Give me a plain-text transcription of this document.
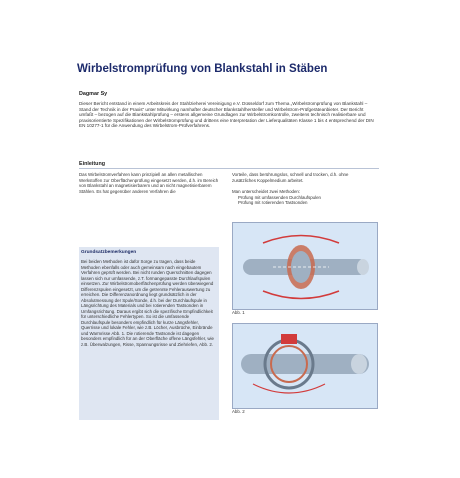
Wirbelstromprüfung von Blankstahl in Stäben
Dagmar Sy
Dieser Bericht entstand in einem Arbeitskreis der Stahlzieherei Vereinigung e.V. Düsseldorf zum Thema „Wirbelstromprüfung von Blankstahl – Stand der Technik in der Praxis" unter Mitwirkung namhafter deutscher Blankstahlhersteller und Wirbelstrom-Prüfgeräteanbieter. Der Bericht umfaßt – bezogen auf die Blankstahlprüfung – erstens allgemeine Grundlagen zur Wirbelstromkontrolle, zweitens technisch realisierbare und praxisorientierte Spezifikationen der Wirbelstromprüfung und drittens eine Interpretation der Lieferqualitäten Klasse 1 bis 4 entsprechend der DIN EN 10277-1 für die Anwendung des Wirbelstrom-Prüfverfahrens.
Einleitung
Das Wirbelstromverfahren kann prinzipiell an allen metallischen Werkstoffen zur Oberflächenprüfung eingesetzt werden, d.h. im Bereich von Blankstahl an magnetisierbarem und an nicht magnetisierbarem Stählen. Es hat gegenüber anderen Verfahren die
Vorteile, dass berührungslos, schnell und trocken, d.h. ohne zusätzliches Koppelmedium arbeitet.
Man unterscheidet zwei Methoden:
Prüfung mit umfassenden Durchlaufspulen
Prüfung mit rotierenden Tastsonden
Grundsatzbemerkungen
Bei beiden Methoden ist dafür Sorge zu tragen, dass beide Methoden ebenfalls oder auch gemeinsam nach eingebautem Verfahren geprüft werden. Bei nicht runden Querschnitten dagegen lassen sich nur umfassende, z.T. formangepasste Durchlaufspulen einsetzen. Zur Wirbelstromoberflächenprüfung werden überwiegend Differenzspulen eingesetzt, um die getrennte Fehlerauswertung zu erreichen. Die Differenzanordnung liegt grundsätzlich in der Absolutmessung der Spule/Sonde, d.h. bei der Durchlaufspule in Längsrichtung des Materials und bei rotierenden Tastsonden in Umfangsrichtung. Daraus ergibt sich die spezifische Empfindlichkeit für unterschiedliche Fehlertypen. So ist die umfassende Durchlaufspule besonders empfindlich für kurze Längsfehler, Querrisse und lokale Fehler, wie z.B. Löcher, Ausbrüche, Einbrände und Warmrisse Abb. 1. Die rotierende Tastsonde ist dagegen besonders empfindlich für an der Oberfläche offene Längsfehler, wie z.B. Überwalzungen, Risse, Spannungsrisse und Ziehriefen, Abb. 2.
Abb. 1
Abb. 2
